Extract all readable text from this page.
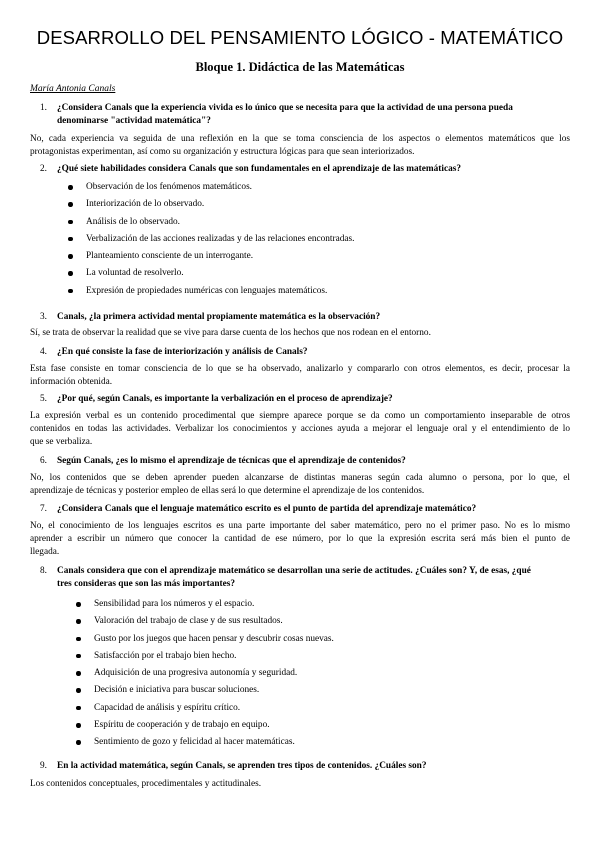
DESARROLLO DEL PENSAMIENTO LÓGICO - MATEMÁTICO
Bloque 1. Didáctica de las Matemáticas
María Antonia Canals
1. ¿Considera Canals que la experiencia vivida es lo único que se necesita para que la actividad de una persona pueda
denominarse "actividad matemática"?
No, cada experiencia va seguida de una reflexión en la que se toma consciencia de los aspectos o elementos matemáticos que los
protagonistas experimentan, así como su organización y estructura lógicas para que sean interiorizados.
2. ¿Qué siete habilidades considera Canals que son fundamentales en el aprendizaje de las matemáticas?
Observación de los fenómenos matemáticos.
Interiorización de lo observado.
Análisis de lo observado.
Verbalización de las acciones realizadas y de las relaciones encontradas.
Planteamiento consciente de un interrogante.
La voluntad de resolverlo.
Expresión de propiedades numéricas con lenguajes matemáticos.
3. Canals, ¿la primera actividad mental propiamente matemática es la observación?
Sí, se trata de observar la realidad que se vive para darse cuenta de los hechos que nos rodean en el entorno.
4. ¿En qué consiste la fase de interiorización y análisis de Canals?
Esta fase consiste en tomar consciencia de lo que se ha observado, analizarlo y compararlo con otros elementos, es decir, procesar la
información obtenida.
5. ¿Por qué, según Canals, es importante la verbalización en el proceso de aprendizaje?
La expresión verbal es un contenido procedimental que siempre aparece porque se da como un comportamiento inseparable de otros
contenidos en todas las actividades. Verbalizar los conocimientos y acciones ayuda a mejorar el lenguaje oral y el entendimiento de lo
que se verbaliza.
6. Según Canals, ¿es lo mismo el aprendizaje de técnicas que el aprendizaje de contenidos?
No, los contenidos que se deben aprender pueden alcanzarse de distintas maneras según cada alumno o persona, por lo que, el
aprendizaje de técnicas y posterior empleo de ellas será lo que determine el aprendizaje de los contenidos.
7. ¿Considera Canals que el lenguaje matemático escrito es el punto de partida del aprendizaje matemático?
No, el conocimiento de los lenguajes escritos es una parte importante del saber matemático, pero no el primer paso. No es lo mismo
aprender a escribir un número que conocer la cantidad de ese número, por lo que la expresión escrita será más bien el punto de
llegada.
8. Canals considera que con el aprendizaje matemático se desarrollan una serie de actitudes. ¿Cuáles son? Y, de esas, ¿qué
tres consideras que son las más importantes?
Sensibilidad para los números y el espacio.
Valoración del trabajo de clase y de sus resultados.
Gusto por los juegos que hacen pensar y descubrir cosas nuevas.
Satisfacción por el trabajo bien hecho.
Adquisición de una progresiva autonomía y seguridad.
Decisión e iniciativa para buscar soluciones.
Capacidad de análisis y espíritu crítico.
Espíritu de cooperación y de trabajo en equipo.
Sentimiento de gozo y felicidad al hacer matemáticas.
9. En la actividad matemática, según Canals, se aprenden tres tipos de contenidos. ¿Cuáles son?
Los contenidos conceptuales, procedimentales y actitudinales.
